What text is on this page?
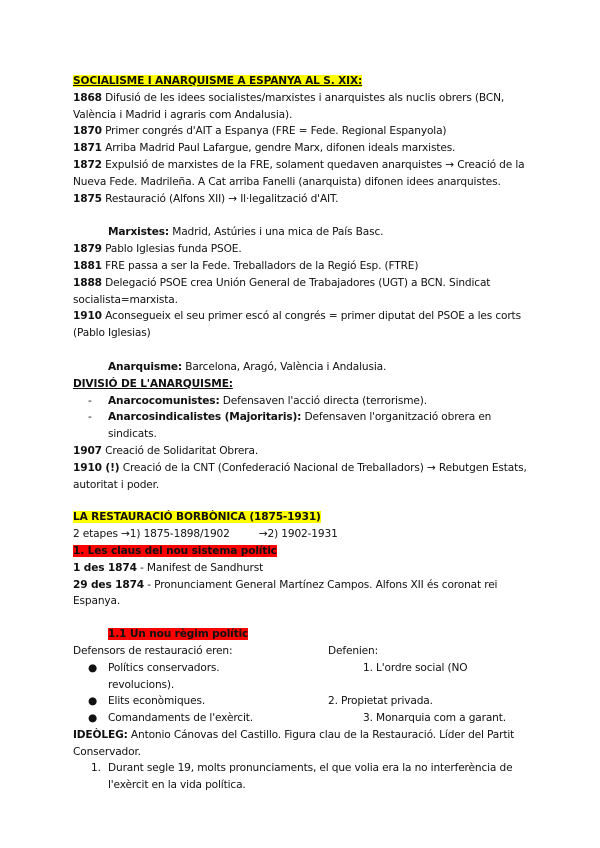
SOCIALISME I ANARQUISME A ESPANYA AL S. XIX:

1868 Difusió de les idees socialistes/marxistes i anarquistes als nuclis obrers (BCN, València i Madrid i agraris com Andalusia).

1870 Primer congrés d'AIT a Espanya (FRE = Fede. Regional Espanyola)

1871 Arriba Madrid Paul Lafargue, gendre Marx, difonen ideals marxistes.

1872 Expulsió de marxistes de la FRE, solament quedaven anarquistes → Creació de la Nueva Fede. Madrileña. A Cat arriba Fanelli (anarquista) difonen idees anarquistes.

1875 Restauració (Alfons XII) → Il·legalització d'AIT.

Marxistes: Madrid, Astúries i una mica de País Basc.

1879 Pablo Iglesias funda PSOE.

1881 FRE passa a ser la Fede. Treballadors de la Regió Esp. (FTRE)

1888 Delegació PSOE crea Unión General de Trabajadores (UGT) a BCN. Sindicat socialista=marxista.

1910 Aconsegueix el seu primer escó al congrés = primer diputat del PSOE a les corts (Pablo Iglesias)

Anarquisme: Barcelona, Aragó, València i Andalusia.

DIVISIÓ DE L'ANARQUISME:

- Anarcocomunistes: Defensaven l'acció directa (terrorisme).

- Anarcosindicalistes (Majoritaris): Defensaven l'organització obrera en sindicats.

1907 Creació de Solidaritat Obrera.

1910 (!) Creació de la CNT (Confederació Nacional de Treballadors) → Rebutgen Estats, autoritat i poder.

LA RESTAURACIÓ BORBÒNICA (1875-1931)

2 etapes →1) 1875-1898/1902	→2) 1902-1931

1. Les claus del nou sistema polític

1 des 1874 - Manifest de Sandhurst

29 des 1874 - Pronunciament General Martínez Campos. Alfons XII és coronat rei Espanya.

1.1 Un nou règim polític

Defensors de restauració eren:	Defenien:
● Polítics conservadors.	1. L'ordre social (NO
revolucions).
● Elits econòmiques.	2. Propietat privada.
● Comandaments de l'exèrcit.	3. Monarquia com a garant.

IDEÒLEG: Antonio Cánovas del Castillo. Figura clau de la Restauració. Líder del Partit Conservador.

1. Durant segle 19, molts pronunciaments, el que volia era la no interferència de l'exèrcit en la vida política.
